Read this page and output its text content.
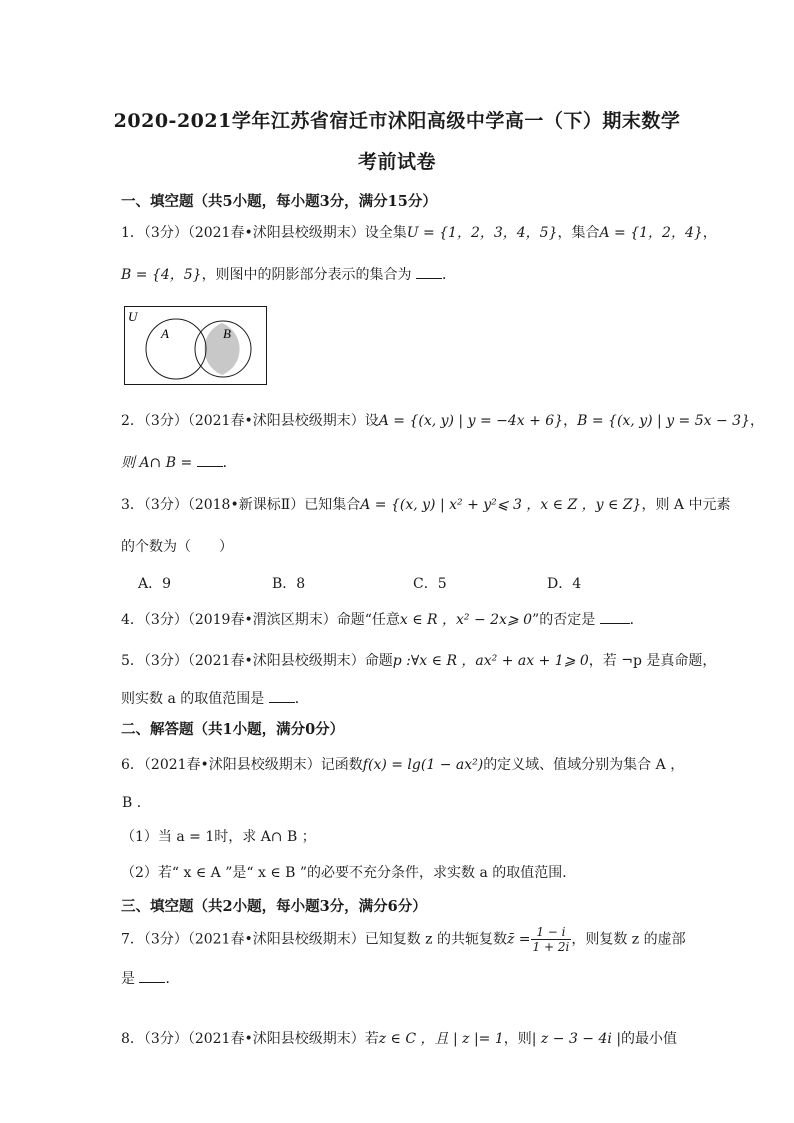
2020-2021学年江苏省宿迁市沭阳高级中学高一（下）期末数学
考前试卷
一、填空题（共5小题，每小题3分，满分15分）
1．（3分）（2021春•沭阳县校级期末）设全集U = {1，2，3，4，5}，集合A = {1，2，4}，
B = {4，5}，则图中的阴影部分表示的集合为 ．
U
A	B
2．（3分）（2021春•沭阳县校级期末）设A = {(x, y) | y = −4x + 6}，B = {(x, y) | y = 5x − 3}，
则 A∩ B = ．
3．（3分）（2018•新课标Ⅱ）已知集合A = {(x, y) | x² + y²⩽ 3 ，x ∈ Z ，y ∈ Z}，则 A 中元素
的个数为（　　）
A．9	B．8	C．5	D．4
4．（3分）（2019春•渭滨区期末）命题“任意x ∈ R ，x² − 2x⩾ 0”的否定是 ．
5．（3分）（2021春•沭阳县校级期末）命题p :∀x ∈ R ，ax² + ax + 1⩾ 0，若 ¬p 是真命题，
则实数 a 的取值范围是 ．
二、解答题（共1小题，满分0分）
6．（2021春•沭阳县校级期末）记函数f(x) = lg(1 − ax²)的定义域、值域分别为集合 A ，
B ．
（1）当 a = 1时，求 A∩ B ；
（2）若“ x ∈ A ”是“ x ∈ B ”的必要不充分条件，求实数 a 的取值范围．
三、填空题（共2小题，每小题3分，满分6分）
7．（3分）（2021春•沭阳县校级期末）已知复数 z 的共轭复数z̄ = $\frac{1 - i}{1 + 2i}$ ，则复数 z 的虚部
是 ．
8．（3分）（2021春•沭阳县校级期末）若z ∈ C ，且 | z |= 1，则| z − 3 − 4i |的最小值
